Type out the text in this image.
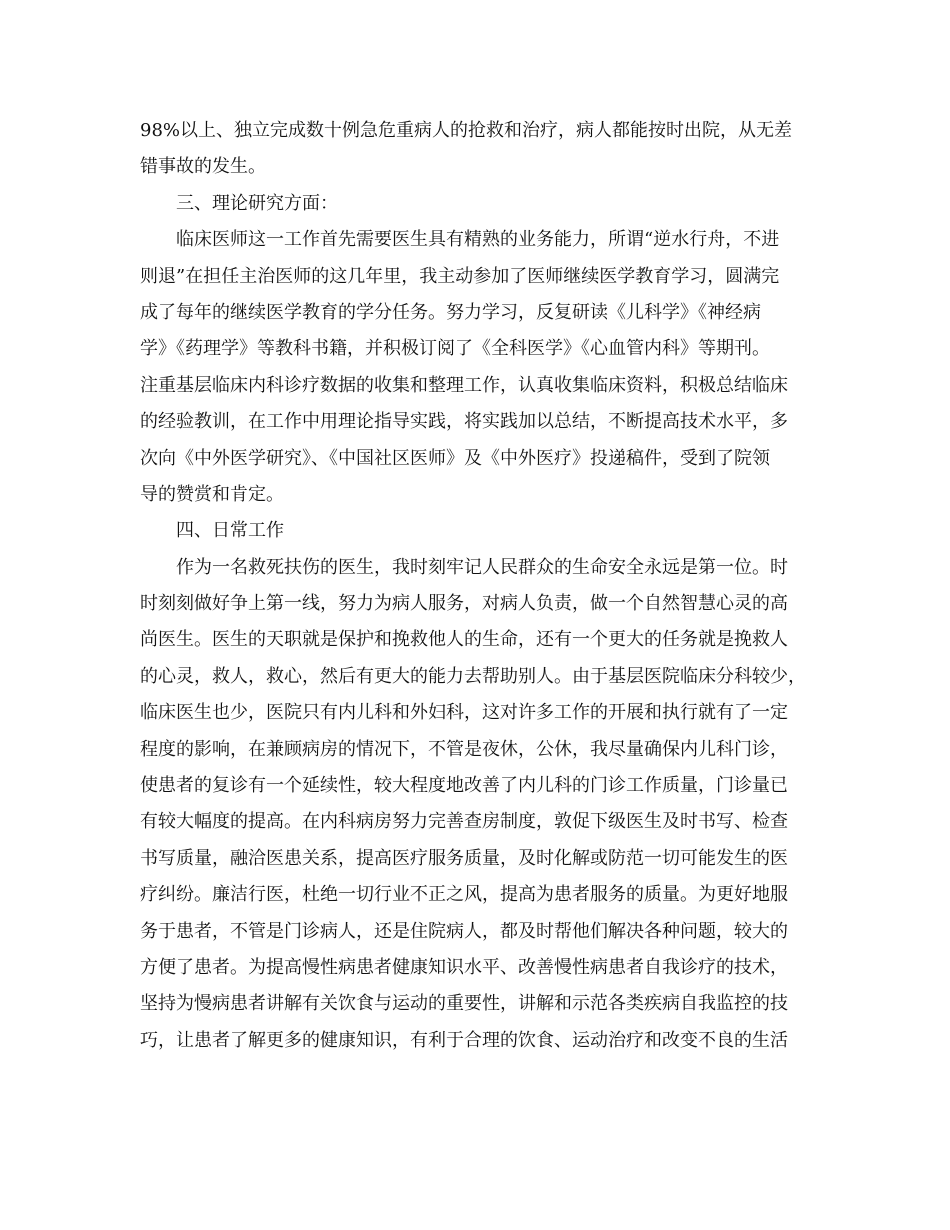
98%以上、独立完成数十例急危重病人的抢救和治疗，病人都能按时出院，从无差
错事故的发生。
三、理论研究方面：
临床医师这一工作首先需要医生具有精熟的业务能力，所谓“逆水行舟，不进
则退”在担任主治医师的这几年里，我主动参加了医师继续医学教育学习，圆满完
成了每年的继续医学教育的学分任务。努力学习，反复研读《儿科学》《神经病
学》《药理学》等教科书籍，并积极订阅了《全科医学》《心血管内科》等期刊。
注重基层临床内科诊疗数据的收集和整理工作，认真收集临床资料，积极总结临床
的经验教训，在工作中用理论指导实践，将实践加以总结，不断提高技术水平，多
次向《中外医学研究》、《中国社区医师》及《中外医疗》投递稿件，受到了院领
导的赞赏和肯定。
四、日常工作
作为一名救死扶伤的医生，我时刻牢记人民群众的生命安全永远是第一位。时
时刻刻做好争上第一线，努力为病人服务，对病人负责，做一个自然智慧心灵的高
尚医生。医生的天职就是保护和挽救他人的生命，还有一个更大的任务就是挽救人
的心灵，救人，救心，然后有更大的能力去帮助别人。由于基层医院临床分科较少，
临床医生也少，医院只有内儿科和外妇科，这对许多工作的开展和执行就有了一定
程度的影响，在兼顾病房的情况下，不管是夜休，公休，我尽量确保内儿科门诊，
使患者的复诊有一个延续性，较大程度地改善了内儿科的门诊工作质量，门诊量已
有较大幅度的提高。在内科病房努力完善查房制度，敦促下级医生及时书写、检查
书写质量，融洽医患关系，提高医疗服务质量，及时化解或防范一切可能发生的医
疗纠纷。廉洁行医，杜绝一切行业不正之风，提高为患者服务的质量。为更好地服
务于患者，不管是门诊病人，还是住院病人，都及时帮他们解决各种问题，较大的
方便了患者。为提高慢性病患者健康知识水平、改善慢性病患者自我诊疗的技术，
坚持为慢病患者讲解有关饮食与运动的重要性，讲解和示范各类疾病自我监控的技
巧，让患者了解更多的健康知识，有利于合理的饮食、运动治疗和改变不良的生活
